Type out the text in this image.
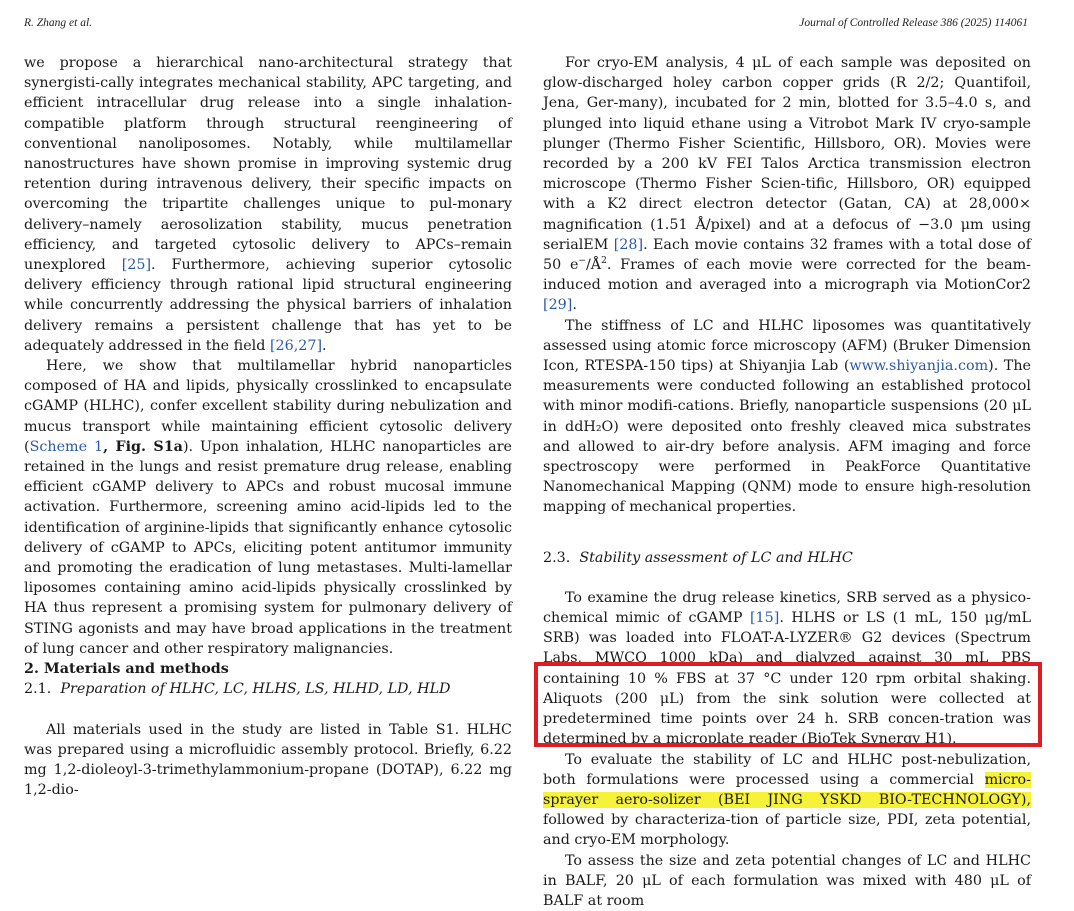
R. Zhang et al.	Journal of Controlled Release 386 (2025) 114061

we propose a hierarchical nano-architectural strategy that synergisti-cally integrates mechanical stability, APC targeting, and efficient intracellular drug release into a single inhalation-compatible platform through structural reengineering of conventional nanoliposomes. Notably, while multilamellar nanostructures have shown promise in improving systemic drug retention during intravenous delivery, their specific impacts on overcoming the tripartite challenges unique to pul-monary delivery–namely aerosolization stability, mucus penetration efficiency, and targeted cytosolic delivery to APCs–remain unexplored [25]. Furthermore, achieving superior cytosolic delivery efficiency through rational lipid structural engineering while concurrently addressing the physical barriers of inhalation delivery remains a persistent challenge that has yet to be adequately addressed in the field [26,27].

Here, we show that multilamellar hybrid nanoparticles composed of HA and lipids, physically crosslinked to encapsulate cGAMP (HLHC), confer excellent stability during nebulization and mucus transport while maintaining efficient cytosolic delivery (Scheme 1, Fig. S1a). Upon inhalation, HLHC nanoparticles are retained in the lungs and resist premature drug release, enabling efficient cGAMP delivery to APCs and robust mucosal immune activation. Furthermore, screening amino acid-lipids led to the identification of arginine-lipids that significantly enhance cytosolic delivery of cGAMP to APCs, eliciting potent antitumor immunity and promoting the eradication of lung metastases. Multi-lamellar liposomes containing amino acid-lipids physically crosslinked by HA thus represent a promising system for pulmonary delivery of STING agonists and may have broad applications in the treatment of lung cancer and other respiratory malignancies.

2. Materials and methods

2.1. Preparation of HLHC, LC, HLHS, LS, HLHD, LD, HLD

All materials used in the study are listed in Table S1. HLHC was prepared using a microfluidic assembly protocol. Briefly, 6.22 mg 1,2-dioleoyl-3-trimethylammonium-propane (DOTAP), 6.22 mg 1,2-dio-

For cryo-EM analysis, 4 μL of each sample was deposited on glow-discharged holey carbon copper grids (R 2/2; Quantifoil, Jena, Ger-many), incubated for 2 min, blotted for 3.5–4.0 s, and plunged into liquid ethane using a Vitrobot Mark IV cryo-sample plunger (Thermo Fisher Scientific, Hillsboro, OR). Movies were recorded by a 200 kV FEI Talos Arctica transmission electron microscope (Thermo Fisher Scien-tific, Hillsboro, OR) equipped with a K2 direct electron detector (Gatan, CA) at 28,000× magnification (1.51 Å/pixel) and at a defocus of −3.0 μm using serialEM [28]. Each movie contains 32 frames with a total dose of 50 $e^-/Å^2$. Frames of each movie were corrected for the beam-induced motion and averaged into a micrograph via MotionCor2 [29].

The stiffness of LC and HLHC liposomes was quantitatively assessed using atomic force microscopy (AFM) (Bruker Dimension Icon, RTESPA-150 tips) at Shiyanjia Lab (www.shiyanjia.com). The measurements were conducted following an established protocol with minor modifi-cations. Briefly, nanoparticle suspensions (20 μL in ddH₂O) were deposited onto freshly cleaved mica substrates and allowed to air-dry before analysis. AFM imaging and force spectroscopy were performed in PeakForce Quantitative Nanomechanical Mapping (QNM) mode to ensure high-resolution mapping of mechanical properties.

2.3. Stability assessment of LC and HLHC

To examine the drug release kinetics, SRB served as a physico-chemical mimic of cGAMP [15]. HLHS or LS (1 mL, 150 μg/mL SRB) was loaded into FLOAT-A-LYZER® G2 devices (Spectrum Labs, MWCO 1000 kDa) and dialyzed against 30 mL PBS containing 10 % FBS at 37 °C under 120 rpm orbital shaking. Aliquots (200 μL) from the sink solution were collected at predetermined time points over 24 h. SRB concen-tration was determined by a microplate reader (BioTek Synergy H1).

To evaluate the stability of LC and HLHC post-nebulization, both formulations were processed using a commercial micro-sprayer aero-solizer (BEI JING YSKD BIO-TECHNOLOGY), followed by characteriza-tion of particle size, PDI, zeta potential, and cryo-EM morphology.

To assess the size and zeta potential changes of LC and HLHC in BALF, 20 μL of each formulation was mixed with 480 μL of BALF at room
